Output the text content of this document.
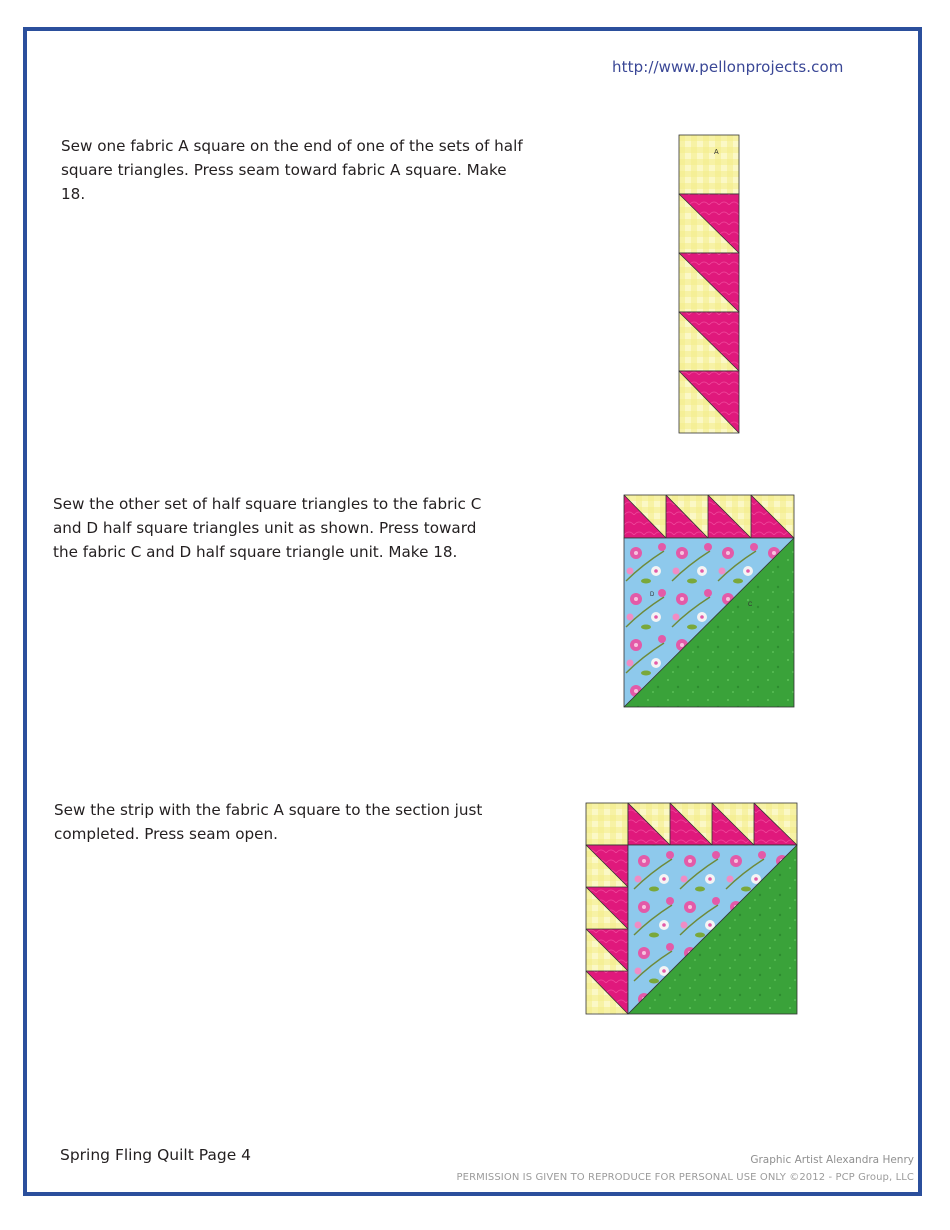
http://www.pellonprojects.com

Sew one fabric A square on the end of one of the sets of half square triangles. Press seam toward fabric A square. Make 18.

Sew the other set of half square triangles to the fabric C and D half square triangles unit as shown. Press toward the fabric C and D half square triangle unit. Make 18.

Sew the strip with the fabric A square to the section just completed. Press seam open.

A
D
C
Spring Fling Quilt Page 4	Graphic Artist Alexandra Henry
PERMISSION IS GIVEN TO REPRODUCE FOR PERSONAL USE ONLY ©2012 - PCP Group, LLC
